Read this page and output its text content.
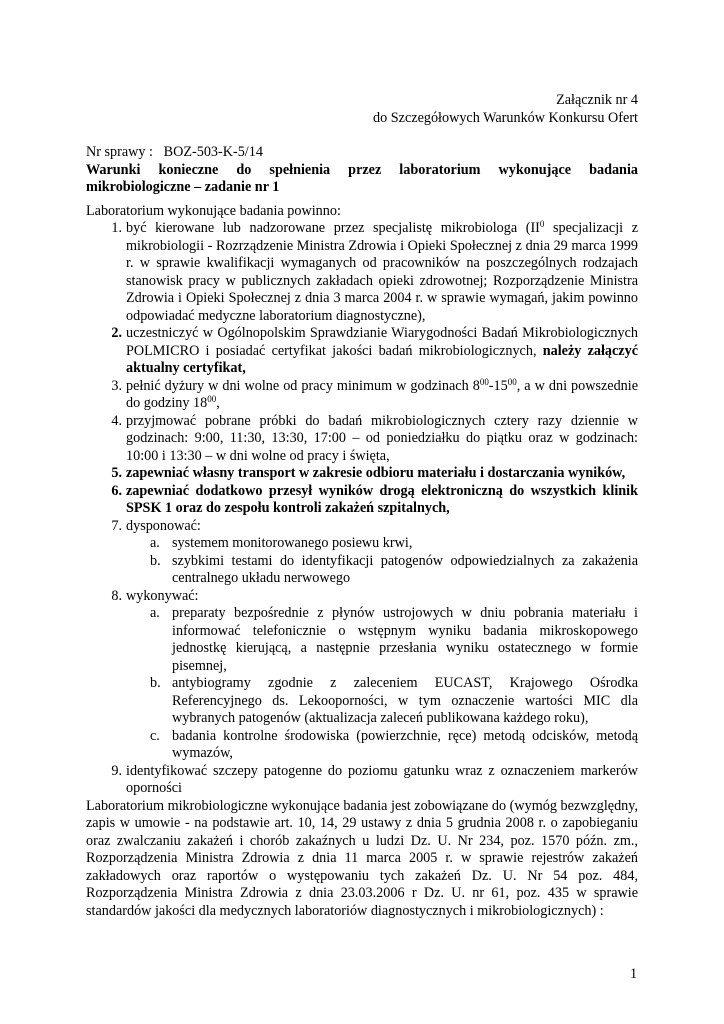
Załącznik nr 4
do Szczegółowych Warunków Konkursu Ofert
Nr sprawy :   BOZ-503-K-5/14
Warunki konieczne do spełnienia przez laboratorium wykonujące badania mikrobiologiczne – zadanie nr 1
Laboratorium wykonujące badania powinno:
1. być kierowane lub nadzorowane przez specjalistę mikrobiologa ($II^0$ specjalizacji z mikrobiologii - Rozrządzenie Ministra Zdrowia i Opieki Społecznej z dnia 29 marca 1999 r. w sprawie kwalifikacji wymaganych od pracowników na poszczególnych rodzajach stanowisk pracy w publicznych zakładach opieki zdrowotnej; Rozporządzenie Ministra Zdrowia i Opieki Społecznej z dnia 3 marca 2004 r. w sprawie wymagań, jakim powinno odpowiadać medyczne laboratorium diagnostyczne),
2. uczestniczyć w Ogólnopolskim Sprawdzianie Wiarygodności Badań Mikrobiologicznych POLMICRO i posiadać certyfikat jakości badań mikrobiologicznych, należy załączyć aktualny certyfikat,
3. pełnić dyżury w dni wolne od pracy minimum w godzinach $8^{00}-15^{00}$, a w dni powszednie do godziny $18^{00}$,
4. przyjmować pobrane próbki do badań mikrobiologicznych cztery razy dziennie w godzinach: 9:00, 11:30, 13:30, 17:00 – od poniedziałku do piątku oraz w godzinach: 10:00 i 13:30 – w dni wolne od pracy i święta,
5. zapewniać własny transport w zakresie odbioru materiału i dostarczania wyników,
6. zapewniać dodatkowo przesył wyników drogą elektroniczną do wszystkich klinik SPSK 1 oraz do zespołu kontroli zakażeń szpitalnych,
7. dysponować:
a. systemem monitorowanego posiewu krwi,
b. szybkimi testami do identyfikacji patogenów odpowiedzialnych za zakażenia centralnego układu nerwowego
8. wykonywać:
a. preparaty bezpośrednie z płynów ustrojowych w dniu pobrania materiału i informować telefonicznie o wstępnym wyniku badania mikroskopowego jednostkę kierującą, a następnie przesłania wyniku ostatecznego w formie pisemnej,
b. antybiogramy zgodnie z zaleceniem EUCAST, Krajowego Ośrodka Referencyjnego ds. Lekooporności, w tym oznaczenie wartości MIC dla wybranych patogenów (aktualizacja zaleceń publikowana każdego roku),
c. badania kontrolne środowiska (powierzchnie, ręce) metodą odcisków, metodą wymazów,
9. identyfikować szczepy patogenne do poziomu gatunku wraz z oznaczeniem markerów oporności
Laboratorium mikrobiologiczne wykonujące badania jest zobowiązane do (wymóg bezwzględny, zapis w umowie - na podstawie art. 10, 14, 29 ustawy z dnia 5 grudnia 2008 r. o zapobieganiu oraz zwalczaniu zakażeń i chorób zakaźnych u ludzi Dz. U. Nr 234, poz. 1570 późn. zm., Rozporządzenia Ministra Zdrowia z dnia 11 marca 2005 r. w sprawie rejestrów zakażeń zakładowych oraz raportów o występowaniu tych zakażeń Dz. U. Nr 54 poz. 484, Rozporządzenia Ministra Zdrowia z dnia 23.03.2006 r Dz. U. nr 61, poz. 435 w sprawie standardów jakości dla medycznych laboratoriów diagnostycznych i mikrobiologicznych) :
1
